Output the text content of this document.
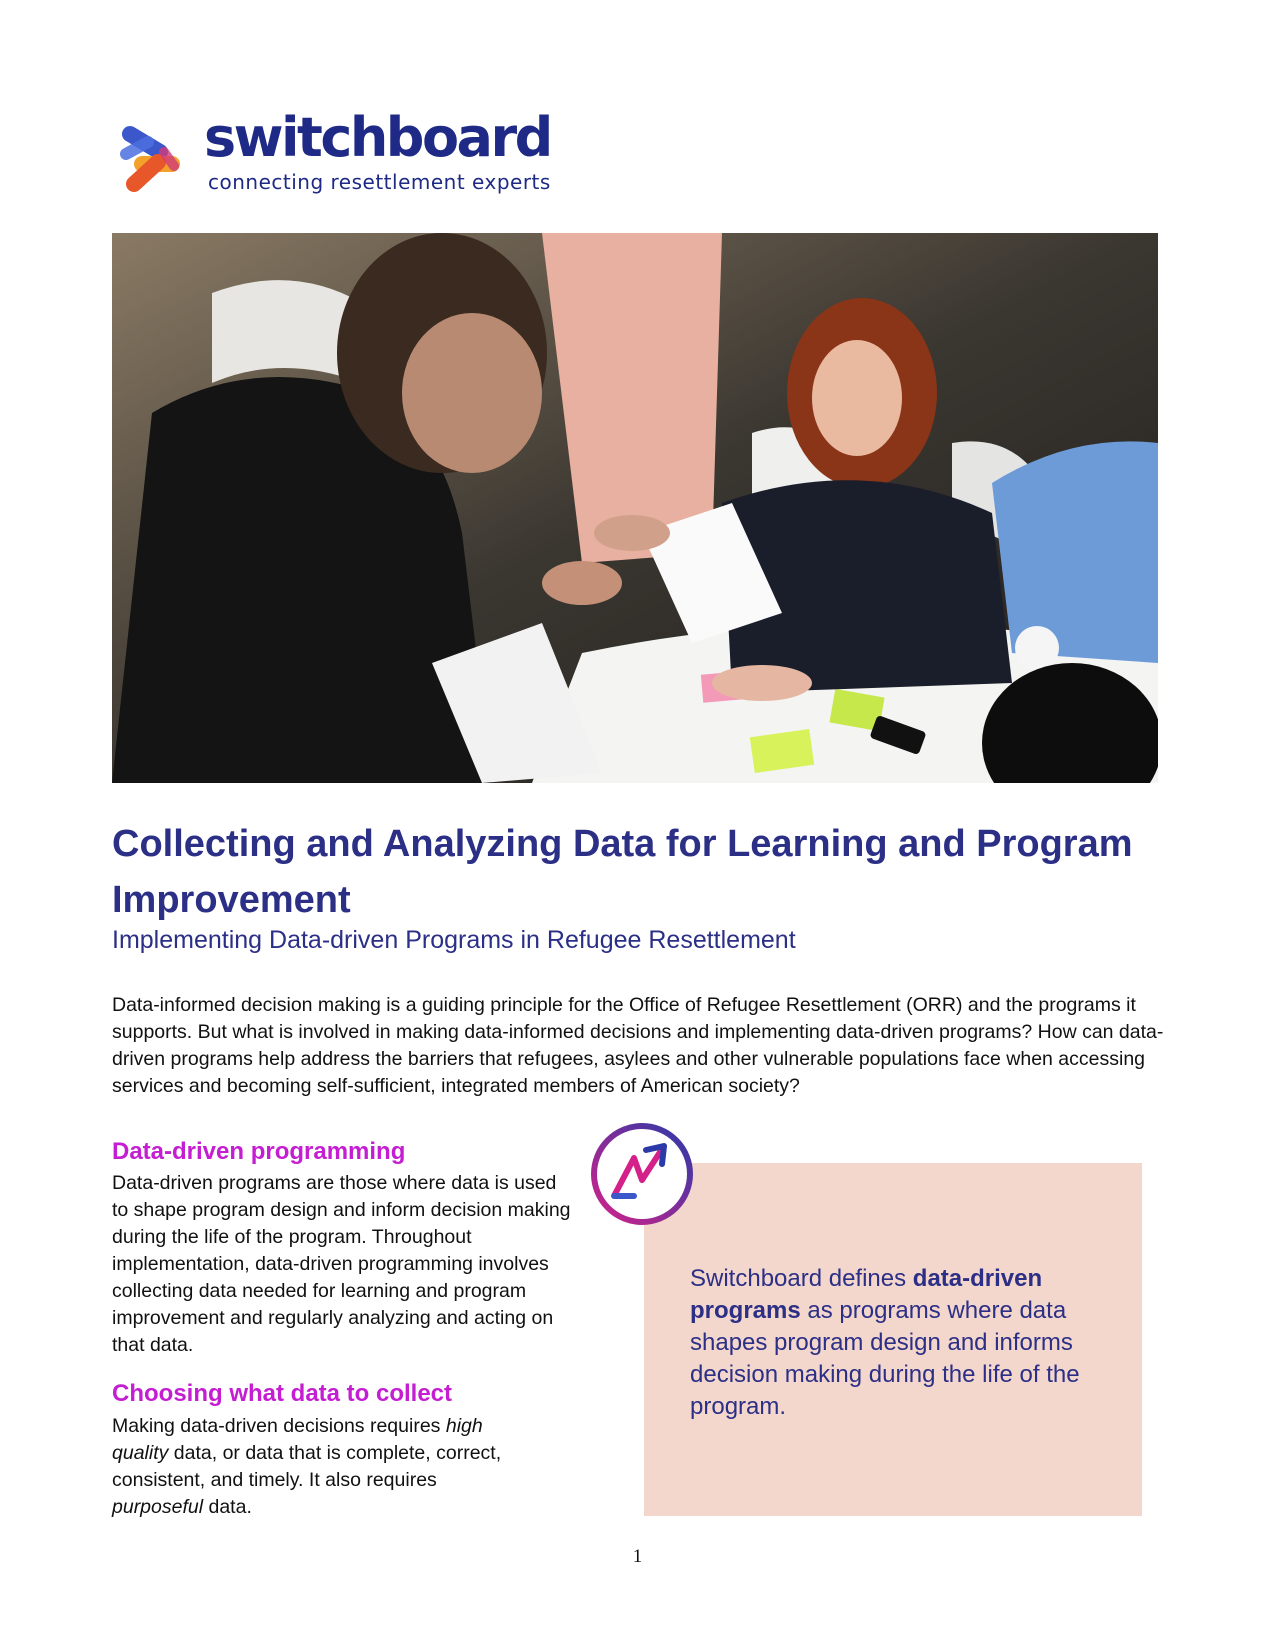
switchboard

connecting resettlement experts

Collecting and Analyzing Data for Learning and Program Improvement

Implementing Data-driven Programs in Refugee Resettlement

Data-informed decision making is a guiding principle for the Office of Refugee Resettlement (ORR) and the programs it supports. But what is involved in making data-informed decisions and implementing data-driven programs? How can data-driven programs help address the barriers that refugees, asylees and other vulnerable populations face when accessing services and becoming self-sufficient, integrated members of American society?

Data-driven programming

Data-driven programs are those where data is used to shape program design and inform decision making during the life of the program. Throughout implementation, data-driven programming involves collecting data needed for learning and program improvement and regularly analyzing and acting on that data.

Choosing what data to collect

Making data-driven decisions requires high quality data, or data that is complete, correct, consistent, and timely. It also requires purposeful data.

Switchboard defines data-driven programs as programs where data shapes program design and informs decision making during the life of the program.

1
